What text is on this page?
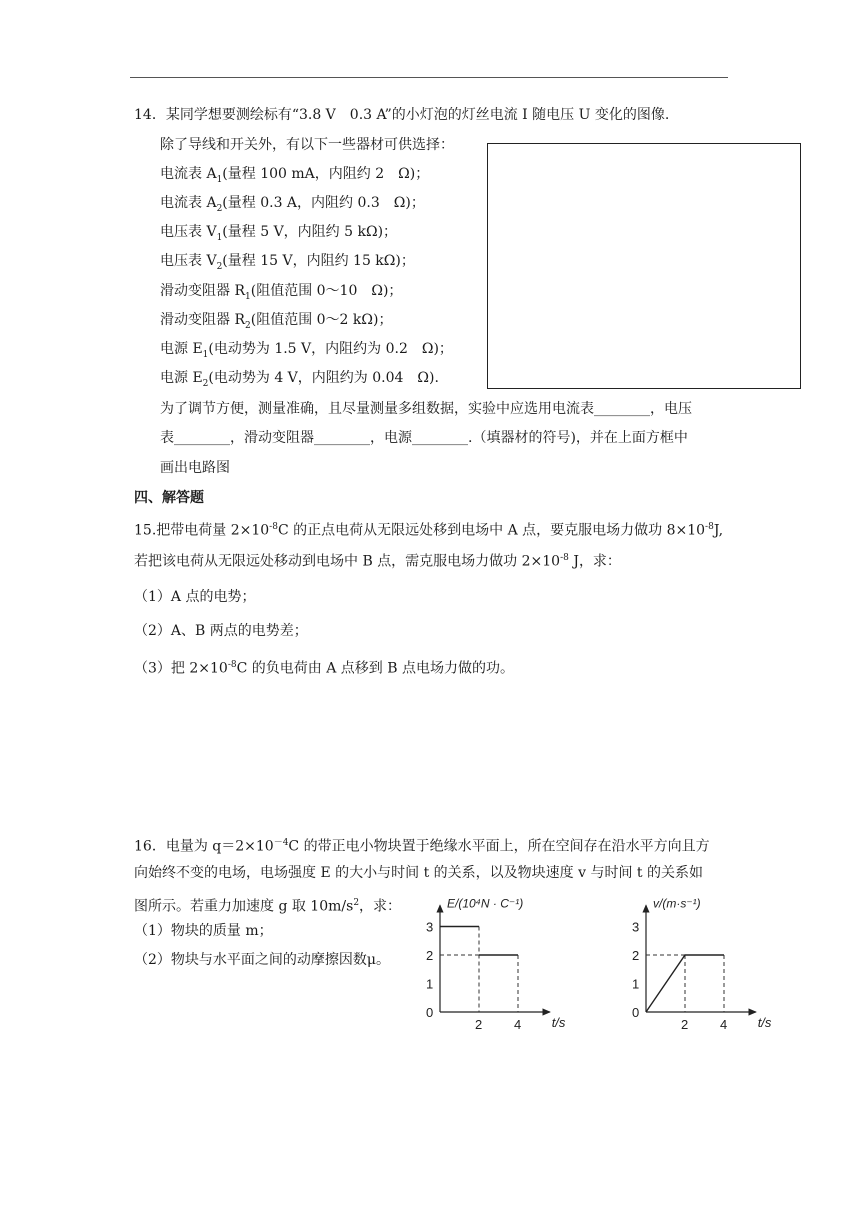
14．某同学想要测绘标有“3.8 V　0.3 A”的小灯泡的灯丝电流 I 随电压 U 变化的图像.
除了导线和开关外，有以下一些器材可供选择：
电流表 $A_1$(量程 100 mA，内阻约 2　Ω)；
电流表 $A_2$(量程 0.3 A，内阻约 0.3　Ω)；
电压表 $V_1$(量程 5 V，内阻约 5 kΩ)；
电压表 $V_2$(量程 15 V，内阻约 15 kΩ)；
滑动变阻器 $R_1$(阻值范围 0～10　Ω)；
滑动变阻器 $R_2$(阻值范围 0～2 kΩ)；
电源 $E_1$(电动势为 1.5 V，内阻约为 0.2　Ω)；
电源 $E_2$(电动势为 4 V，内阻约为 0.04　Ω).
为了调节方便，测量准确，且尽量测量多组数据，实验中应选用电流表________，电压
表________，滑动变阻器________，电源________.（填器材的符号)，并在上面方框中
画出电路图
四、解答题
15.把带电荷量 $2\times 10^{-8}C$ 的正点电荷从无限远处移到电场中 A 点，要克服电场力做功 $8\times 10^{-8}J$,
若把该电荷从无限远处移动到电场中 B 点，需克服电场力做功 $2\times 10^{-8}$ J，求：
（1）A 点的电势；
（2）A、B 两点的电势差；
（3）把 $2\times 10^{-8}C$ 的负电荷由 A 点移到 B 点电场力做的功。
16．电量为 $q=2\times 10^{-4}C$ 的带正电小物块置于绝缘水平面上，所在空间存在沿水平方向且方
向始终不变的电场，电场强度 E 的大小与时间 t 的关系，以及物块速度 v 与时间 t 的关系如
图所示。若重力加速度 g 取 $10m/s^2$，求：
（1）物块的质量 m；
（2）物块与水平面之间的动摩擦因数μ。
E/(10⁴N · C⁻¹)
t/s
0
2 4
1
2
3
v/(m·s⁻¹)
t/s
0
2 4
1
2
3
